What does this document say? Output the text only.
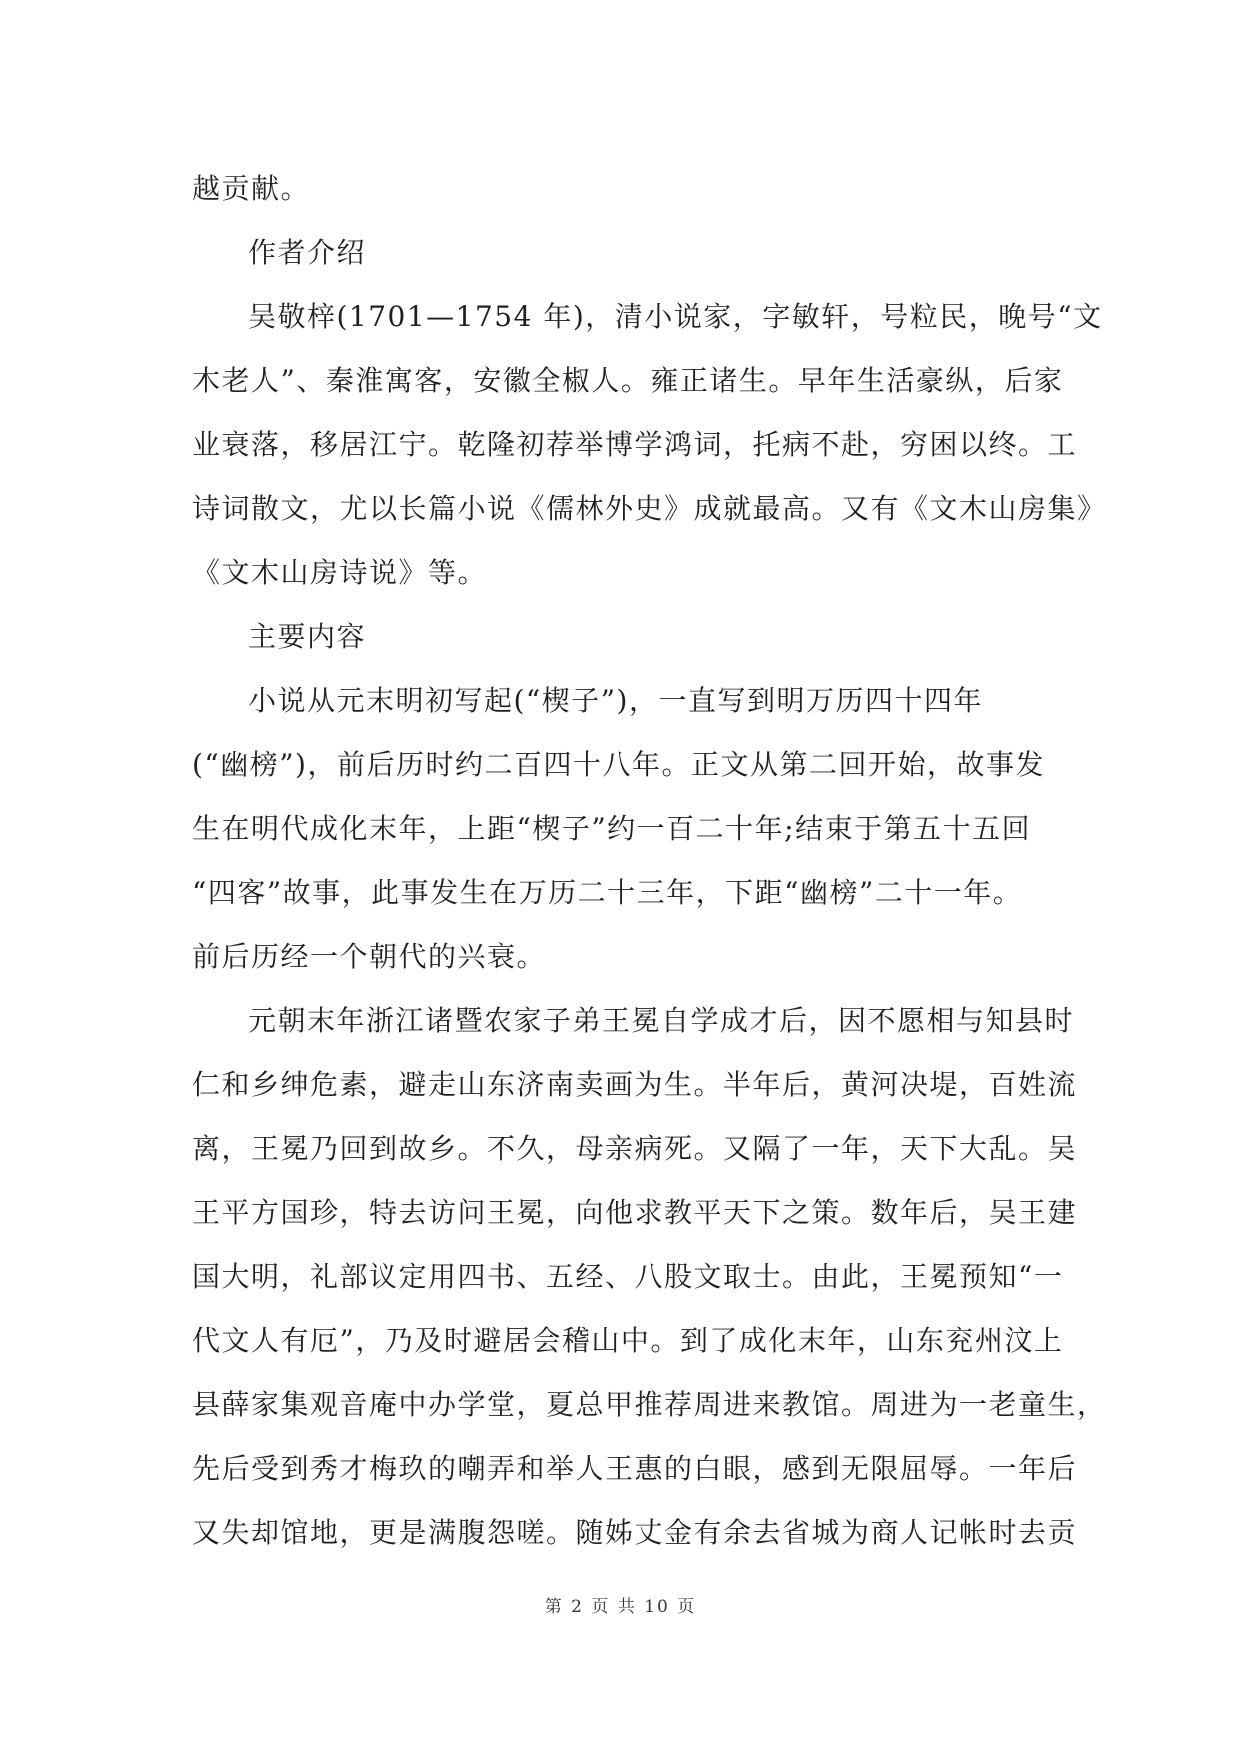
越贡献。
作者介绍
吴敬梓(1701—1754 年)，清小说家，字敏轩，号粒民，晚号“文
木老人”、秦淮寓客，安徽全椒人。雍正诸生。早年生活豪纵，后家
业衰落，移居江宁。乾隆初荐举博学鸿词，托病不赴，穷困以终。工
诗词散文，尤以长篇小说《儒林外史》成就最高。又有《文木山房集》
《文木山房诗说》等。
主要内容
小说从元末明初写起(“楔子”)，一直写到明万历四十四年
(“幽榜”)，前后历时约二百四十八年。正文从第二回开始，故事发
生在明代成化末年，上距“楔子”约一百二十年;结束于第五十五回
“四客”故事，此事发生在万历二十三年，下距“幽榜”二十一年。
前后历经一个朝代的兴衰。
元朝末年浙江诸暨农家子弟王冕自学成才后，因不愿相与知县时
仁和乡绅危素，避走山东济南卖画为生。半年后，黄河决堤，百姓流
离，王冕乃回到故乡。不久，母亲病死。又隔了一年，天下大乱。吴
王平方国珍，特去访问王冕，向他求教平天下之策。数年后，吴王建
国大明，礼部议定用四书、五经、八股文取士。由此，王冕预知“一
代文人有厄”，乃及时避居会稽山中。到了成化末年，山东兖州汶上
县薛家集观音庵中办学堂，夏总甲推荐周进来教馆。周进为一老童生，
先后受到秀才梅玖的嘲弄和举人王惠的白眼，感到无限屈辱。一年后
又失却馆地，更是满腹怨嗟。随姊丈金有余去省城为商人记帐时去贡
第 2 页 共 10 页
